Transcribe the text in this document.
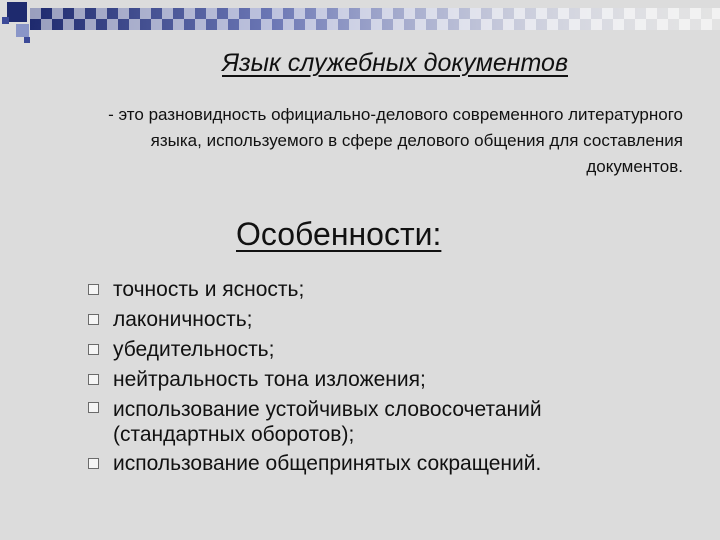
Язык служебных документов
- это разновидность официально-делового современного литературного языка, используемого в сфере делового общения для составления документов.
Особенности:
точность и ясность;
лаконичность;
убедительность;
нейтральность тона изложения;
использование устойчивых словосочетаний (стандартных оборотов);
использование общепринятых сокращений.
